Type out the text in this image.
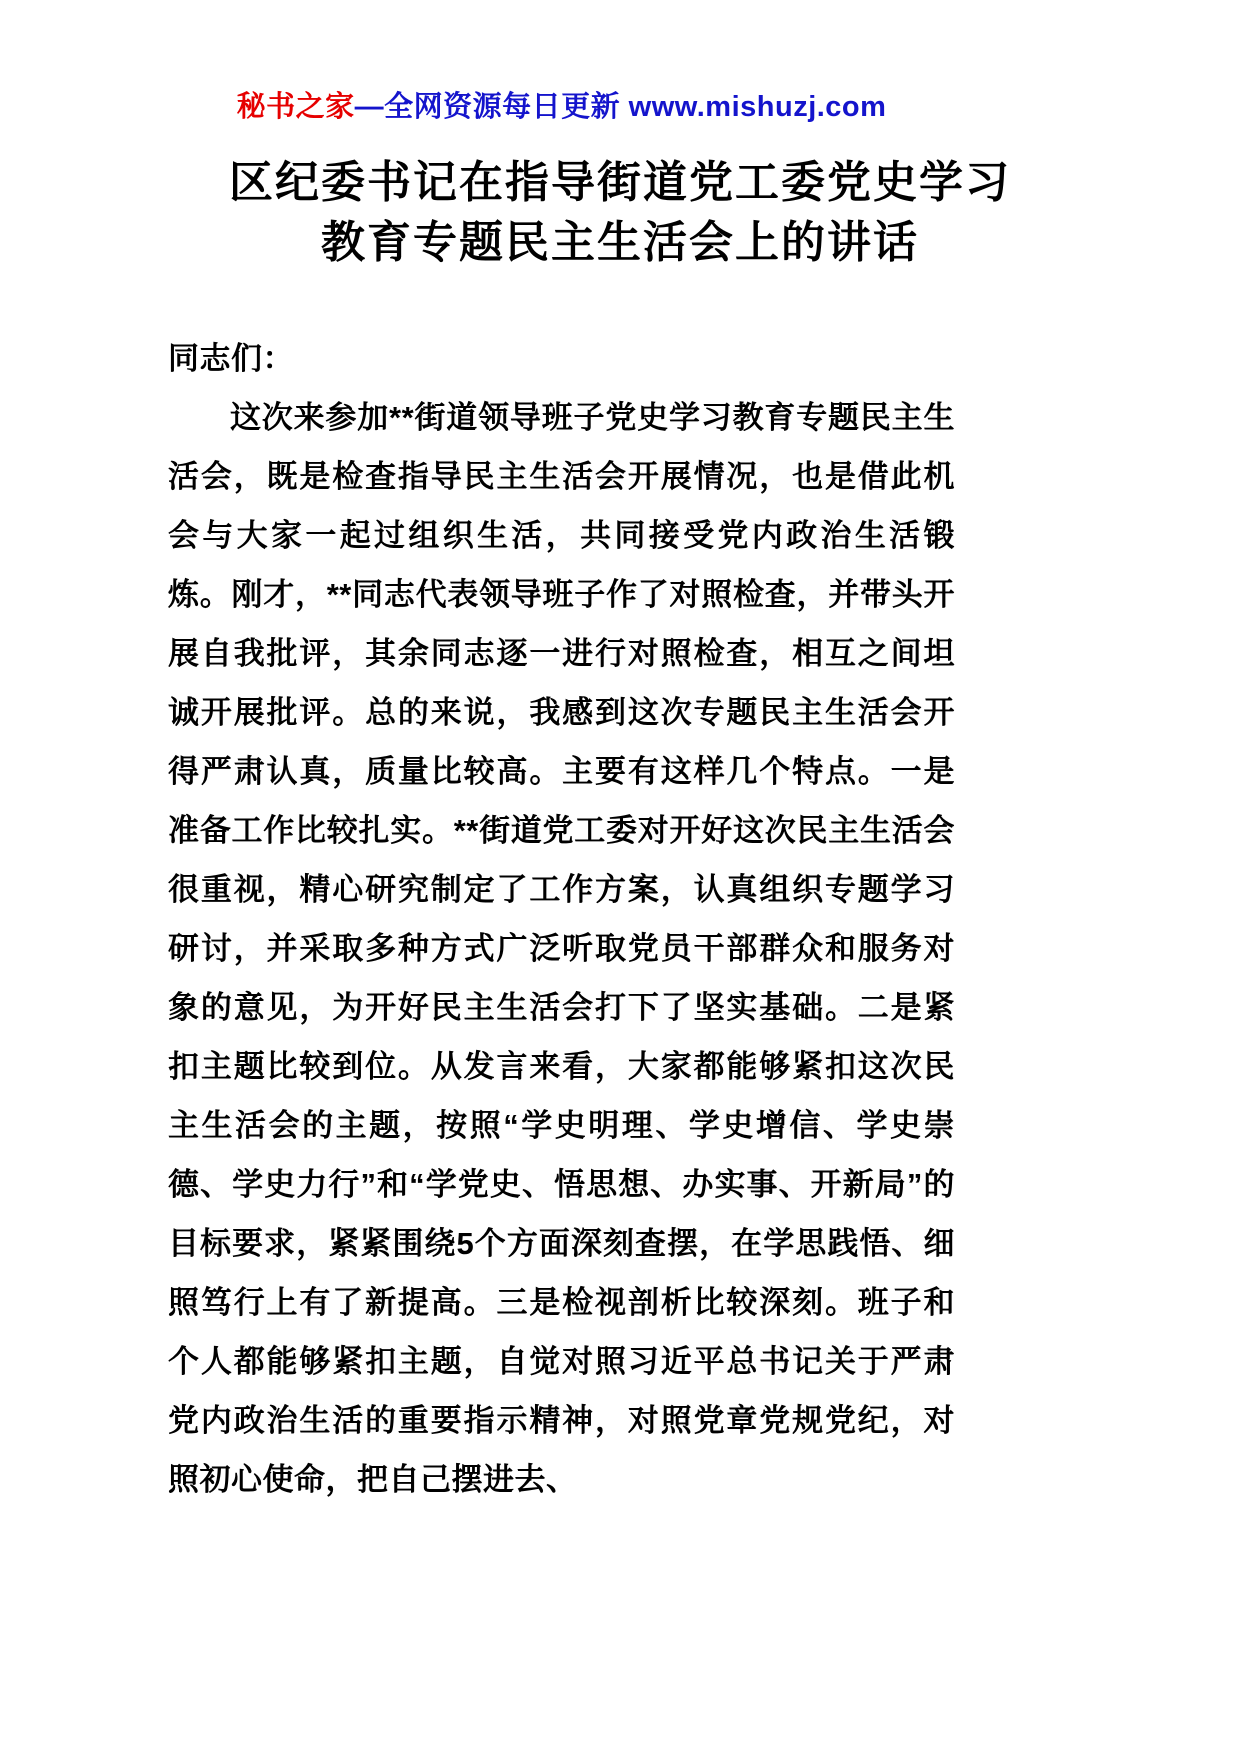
秘书之家—全网资源每日更新 www.mishuzj.com
区纪委书记在指导街道党工委党史学习
教育专题民主生活会上的讲话

同志们：

这次来参加**街道领导班子党史学习教育专题民主生活会，既是检查指导民主生活会开展情况，也是借此机会与大家一起过组织生活，共同接受党内政治生活锻炼。刚才，**同志代表领导班子作了对照检查，并带头开展自我批评，其余同志逐一进行对照检查，相互之间坦诚开展批评。总的来说，我感到这次专题民主生活会开得严肃认真，质量比较高。主要有这样几个特点。一是准备工作比较扎实。**街道党工委对开好这次民主生活会很重视，精心研究制定了工作方案，认真组织专题学习研讨，并采取多种方式广泛听取党员干部群众和服务对象的意见，为开好民主生活会打下了坚实基础。二是紧扣主题比较到位。从发言来看，大家都能够紧扣这次民主生活会的主题，按照“学史明理、学史增信、学史崇德、学史力行”和“学党史、悟思想、办实事、开新局”的目标要求，紧紧围绕5个方面深刻查摆，在学思践悟、细照笃行上有了新提高。三是检视剖析比较深刻。班子和个人都能够紧扣主题，自觉对照习近平总书记关于严肃党内政治生活的重要指示精神，对照党章党规党纪，对照初心使命，把自己摆进去、
